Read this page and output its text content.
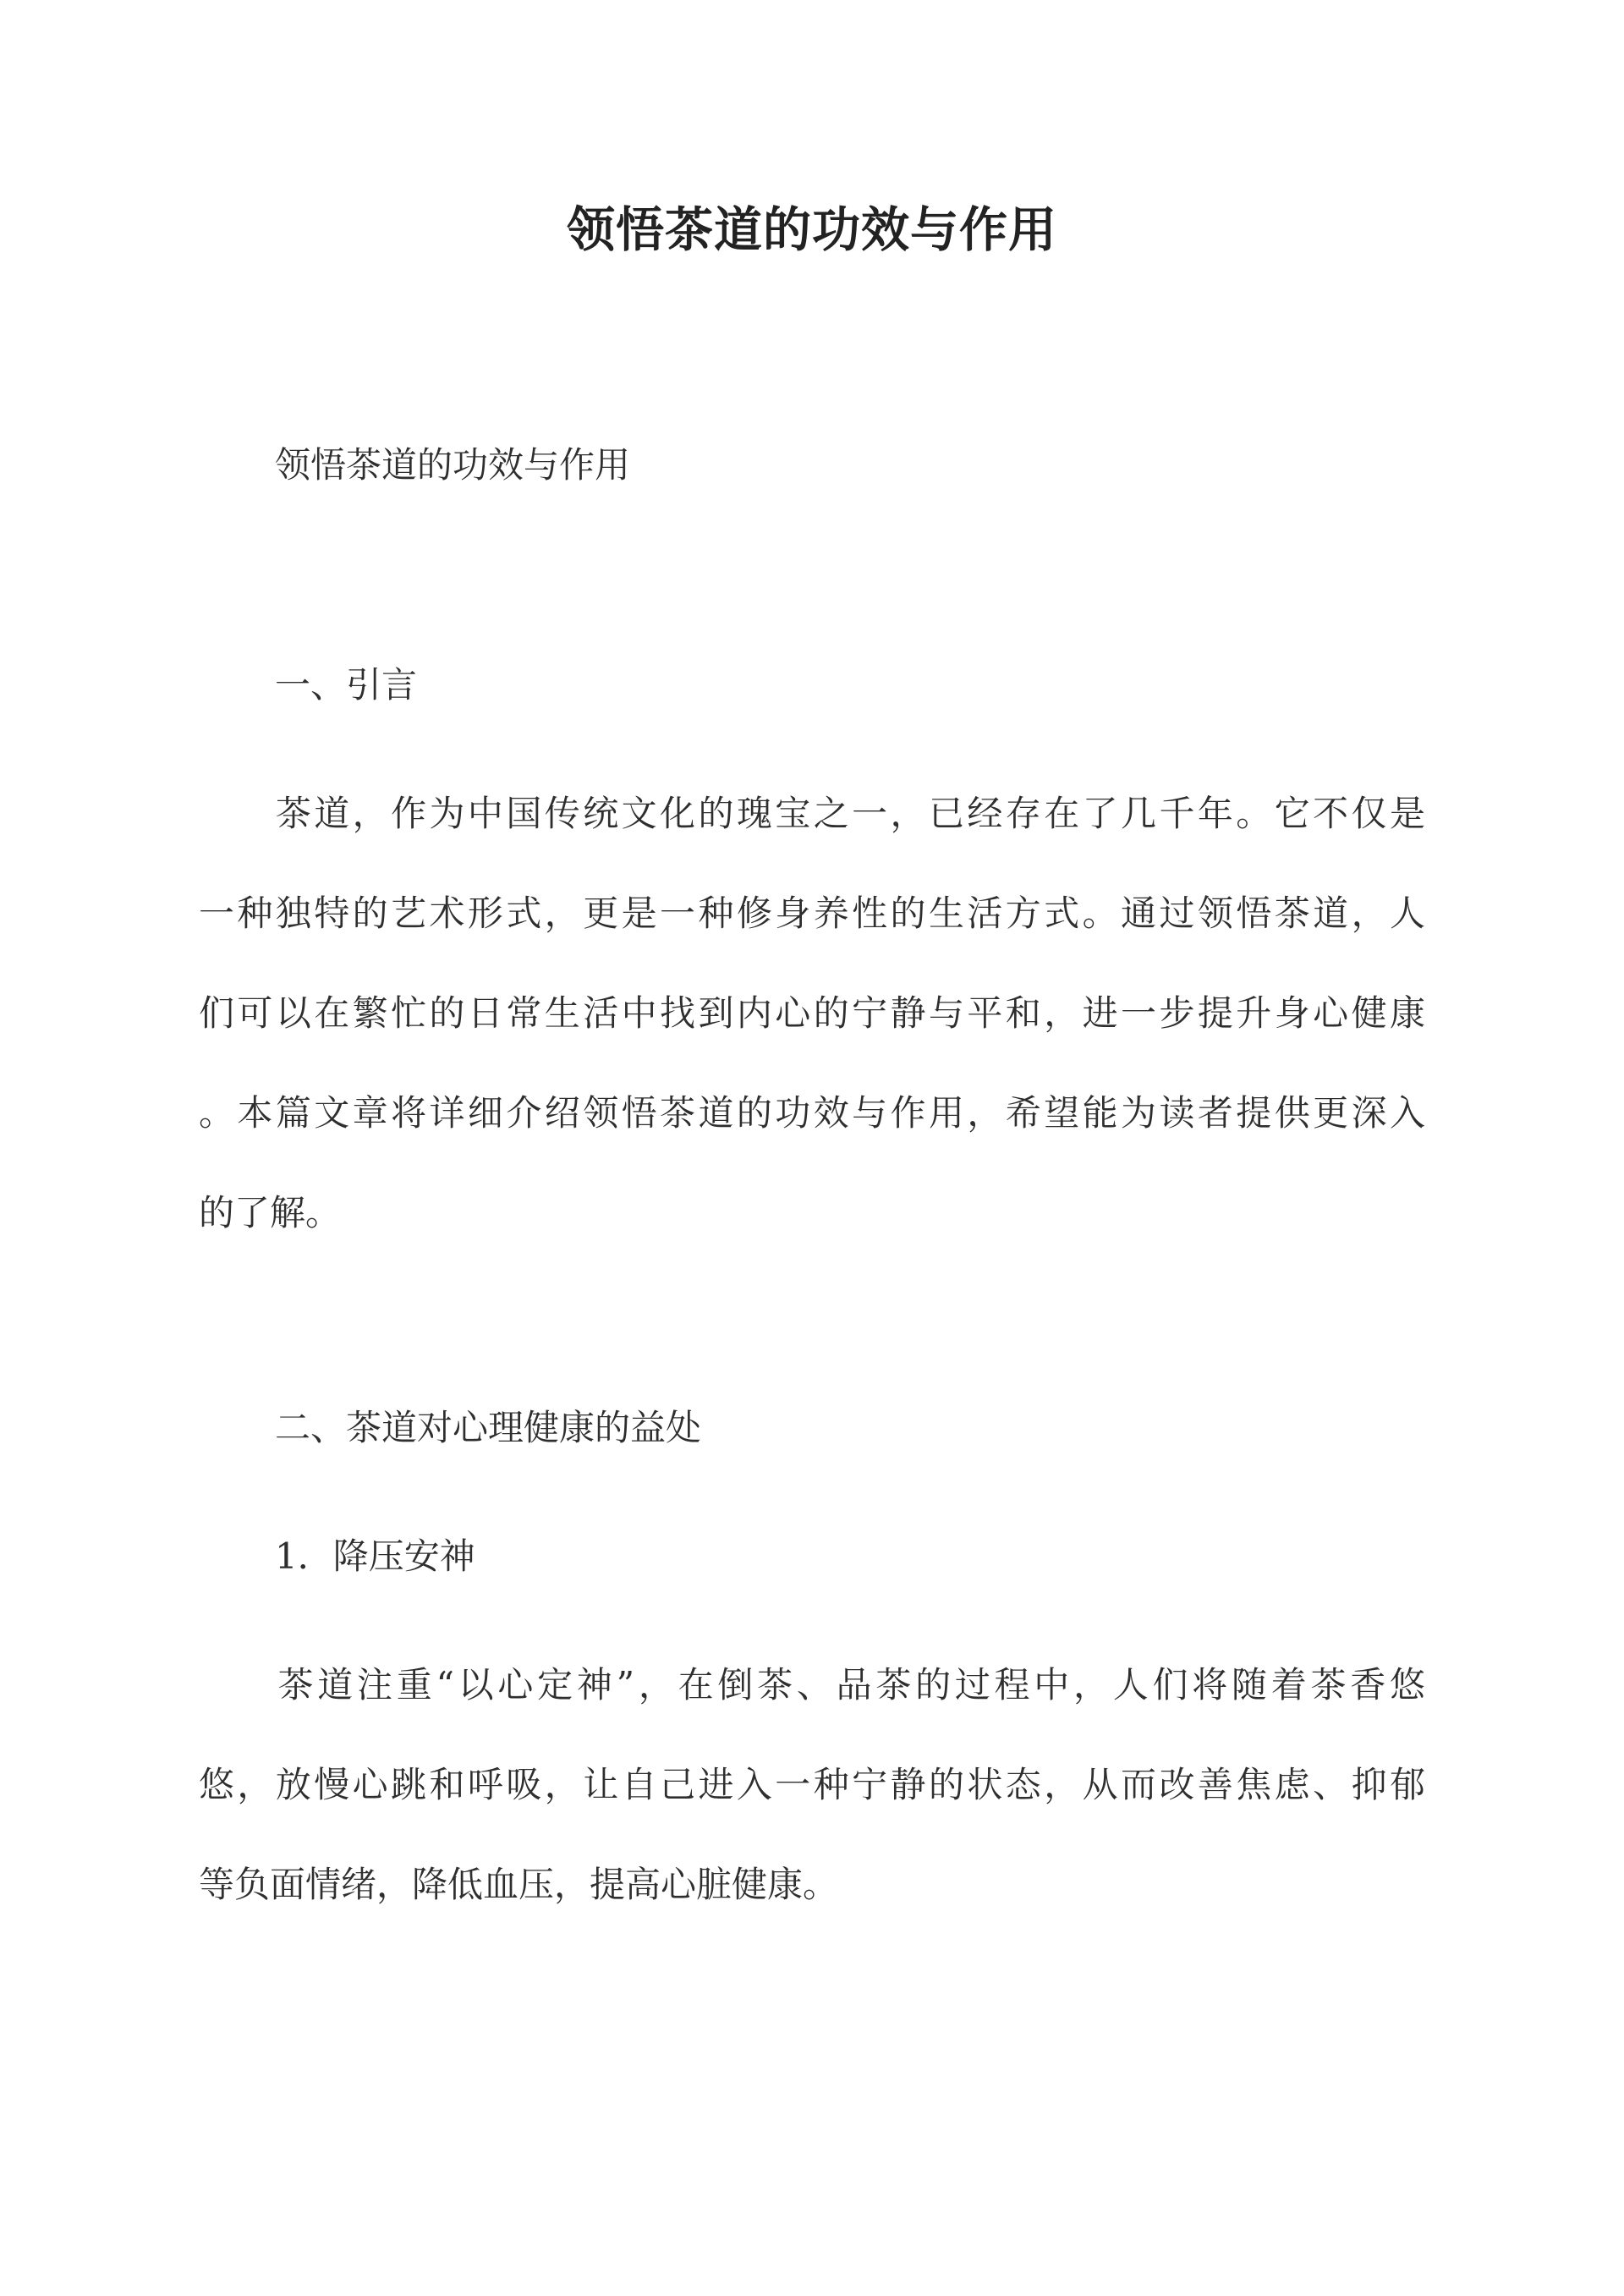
领悟茶道的功效与作用
领悟茶道的功效与作用
一、引言
　　茶道，作为中国传统文化的瑰宝之一，已经存在了几千年。它不仅是
一种独特的艺术形式，更是一种修身养性的生活方式。通过领悟茶道，人
们可以在繁忙的日常生活中找到内心的宁静与平和，进一步提升身心健康
。本篇文章将详细介绍领悟茶道的功效与作用，希望能为读者提供更深入
的了解。
二、茶道对心理健康的益处
1．降压安神
　　茶道注重“以心定神”，在倒茶、品茶的过程中，人们将随着茶香悠
悠，放慢心跳和呼吸，让自己进入一种宁静的状态，从而改善焦虑、抑郁
等负面情绪，降低血压，提高心脏健康。
